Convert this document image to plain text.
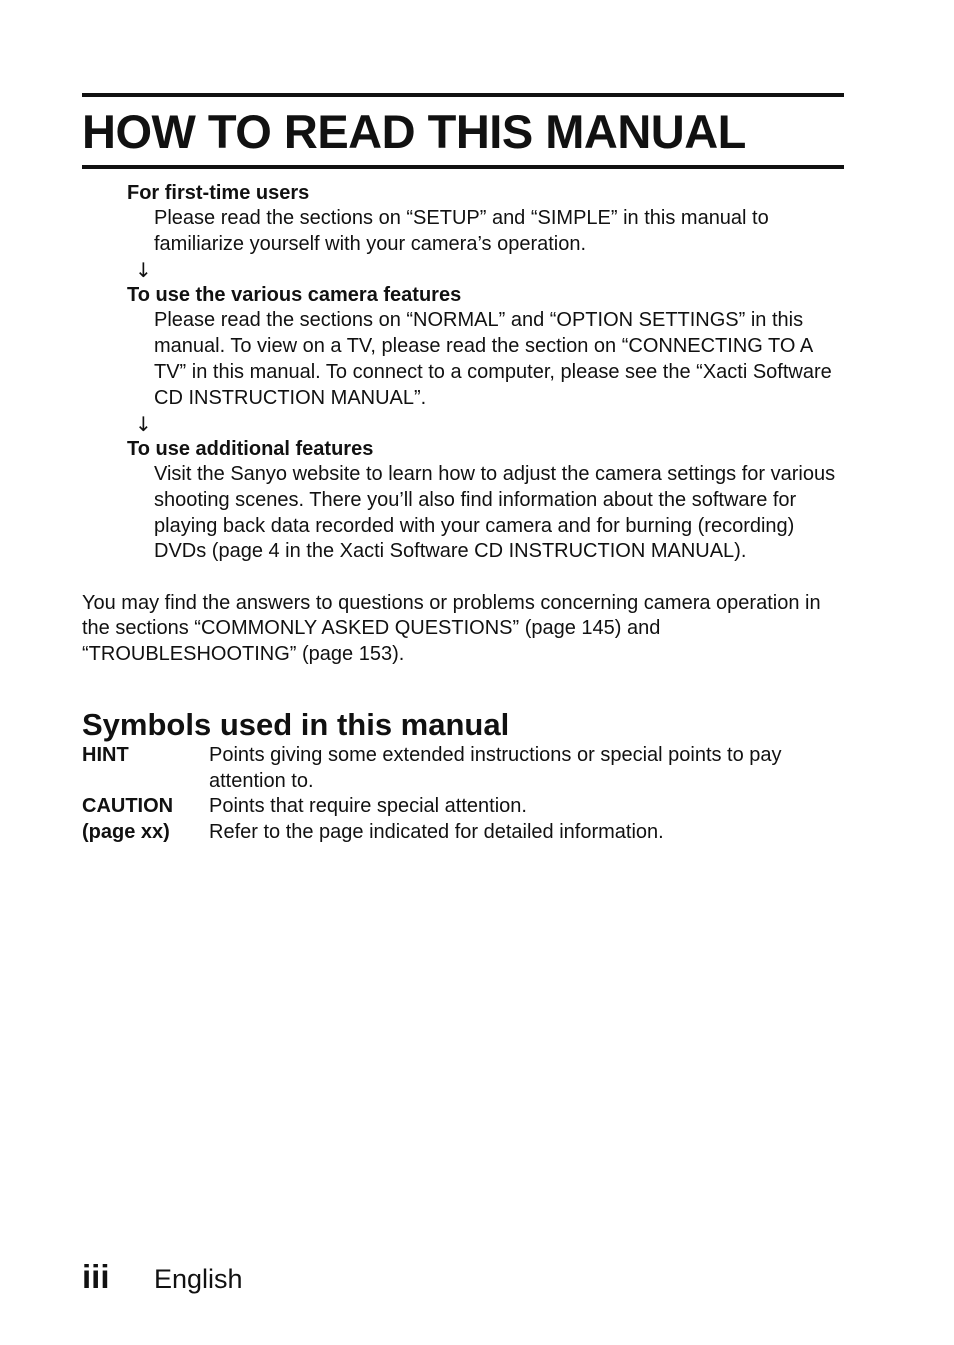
HOW TO READ THIS MANUAL
For first-time users
Please read the sections on “SETUP” and “SIMPLE” in this manual to familiarize yourself with your camera’s operation.
↓
To use the various camera features
Please read the sections on “NORMAL” and “OPTION SETTINGS” in this manual. To view on a TV, please read the section on “CONNECTING TO A TV” in this manual. To connect to a computer, please see the “Xacti Software CD INSTRUCTION MANUAL”.
↓
To use additional features
Visit the Sanyo website to learn how to adjust the camera settings for various shooting scenes. There you’ll also find information about the software for playing back data recorded with your camera and for burning (recording) DVDs (page 4 in the Xacti Software CD INSTRUCTION MANUAL).

You may find the answers to questions or problems concerning camera operation in the sections “COMMONLY ASKED QUESTIONS” (page 145) and “TROUBLESHOOTING” (page 153).

Symbols used in this manual
HINT	Points giving some extended instructions or special points to pay attention to.
CAUTION	Points that require special attention.
(page xx)	Refer to the page indicated for detailed information.
iii	English
